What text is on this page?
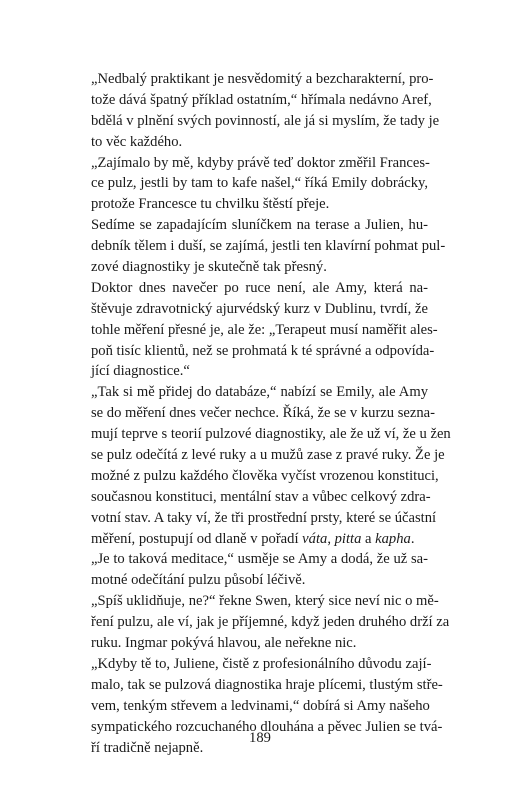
„Nedbalý praktikant je nesvědomitý a bezcharakterní, pro-
tože dává špatný příklad ostatním,“ hřímala nedávno Aref,
bdělá v plnění svých povinností, ale já si myslím, že tady je
to věc každého.
„Zajímalo by mě, kdyby právě teď doktor změřil Frances-
ce pulz, jestli by tam to kafe našel,“ říká Emily dobrácky,
protože Francesce tu chvilku štěstí přeje.
Sedíme se zapadajícím sluníčkem na terase a Julien, hu-
debník tělem i duší, se zajímá, jestli ten klavírní pohmat pul-
zové diagnostiky je skutečně tak přesný.
Doktor dnes navečer po ruce není, ale Amy, která na-
štěvuje zdravotnický ajurvédský kurz v Dublinu, tvrdí, že
tohle měření přesné je, ale že: „Terapeut musí naměřit ales-
poň tisíc klientů, než se prohmatá k té správné a odpovída-
jící diagnostice.“
„Tak si mě přidej do databáze,“ nabízí se Emily, ale Amy
se do měření dnes večer nechce. Říká, že se v kurzu sezna-
mují teprve s teorií pulzové diagnostiky, ale že už ví, že u žen
se pulz odečítá z levé ruky a u mužů zase z pravé ruky. Že je
možné z pulzu každého člověka vyčíst vrozenou konstituci,
současnou konstituci, mentální stav a vůbec celkový zdra-
votní stav. A taky ví, že tři prostřední prsty, které se účastní
měření, postupují od dlaně v pořadí váta, pitta a kapha.
„Je to taková meditace,“ usměje se Amy a dodá, že už sa-
motné odečítání pulzu působí léčivě.
„Spíš uklidňuje, ne?“ řekne Swen, který sice neví nic o mě-
ření pulzu, ale ví, jak je příjemné, když jeden druhého drží za
ruku. Ingmar pokývá hlavou, ale neřekne nic.
„Kdyby tě to, Juliene, čistě z profesionálního důvodu zají-
malo, tak se pulzová diagnostika hraje plícemi, tlustým stře-
vem, tenkým střevem a ledvinami,“ dobírá si Amy našeho
sympatického rozcuchaného dlouhána a pěvec Julien se tvá-
ří tradičně nejapně.
189
